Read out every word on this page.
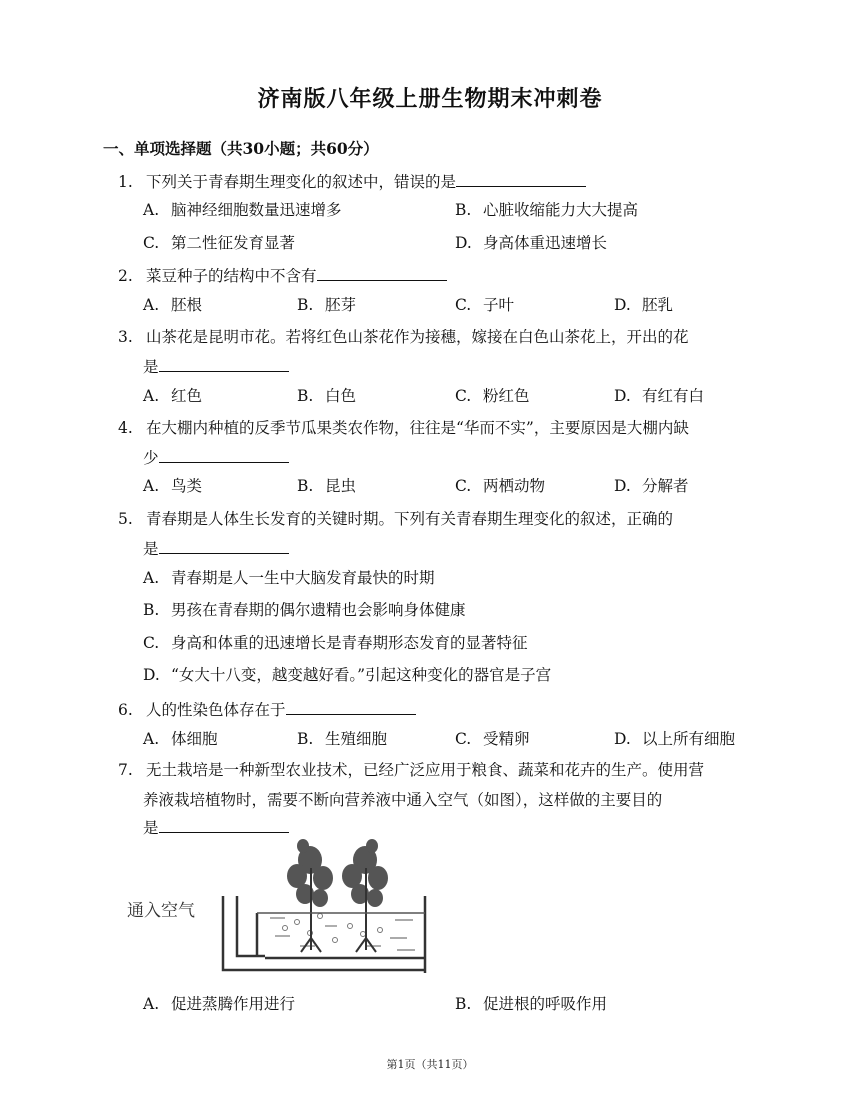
济南版八年级上册生物期末冲刺卷
一、单项选择题（共30小题；共60分）
1. 下列关于青春期生理变化的叙述中，错误的是
A. 脑神经细胞数量迅速增多	B. 心脏收缩能力大大提高
C. 第二性征发育显著	D. 身高体重迅速增长
2. 菜豆种子的结构中不含有
A. 胚根	B. 胚芽	C. 子叶	D. 胚乳
3. 山茶花是昆明市花。若将红色山茶花作为接穗，嫁接在白色山茶花上，开出的花
是
A. 红色	B. 白色	C. 粉红色	D. 有红有白
4. 在大棚内种植的反季节瓜果类农作物，往往是“华而不实”，主要原因是大棚内缺
少
A. 鸟类	B. 昆虫	C. 两栖动物	D. 分解者
5. 青春期是人体生长发育的关键时期。下列有关青春期生理变化的叙述，正确的
是
A. 青春期是人一生中大脑发育最快的时期
B. 男孩在青春期的偶尔遗精也会影响身体健康
C. 身高和体重的迅速增长是青春期形态发育的显著特征
D. “女大十八变，越变越好看。”引起这种变化的器官是子宫
6. 人的性染色体存在于
A. 体细胞	B. 生殖细胞	C. 受精卵	D. 以上所有细胞
7. 无土栽培是一种新型农业技术，已经广泛应用于粮食、蔬菜和花卉的生产。使用营
养液栽培植物时，需要不断向营养液中通入空气（如图），这样做的主要目的
是
通入空气
A. 促进蒸腾作用进行	B. 促进根的呼吸作用
第1页（共11页）
